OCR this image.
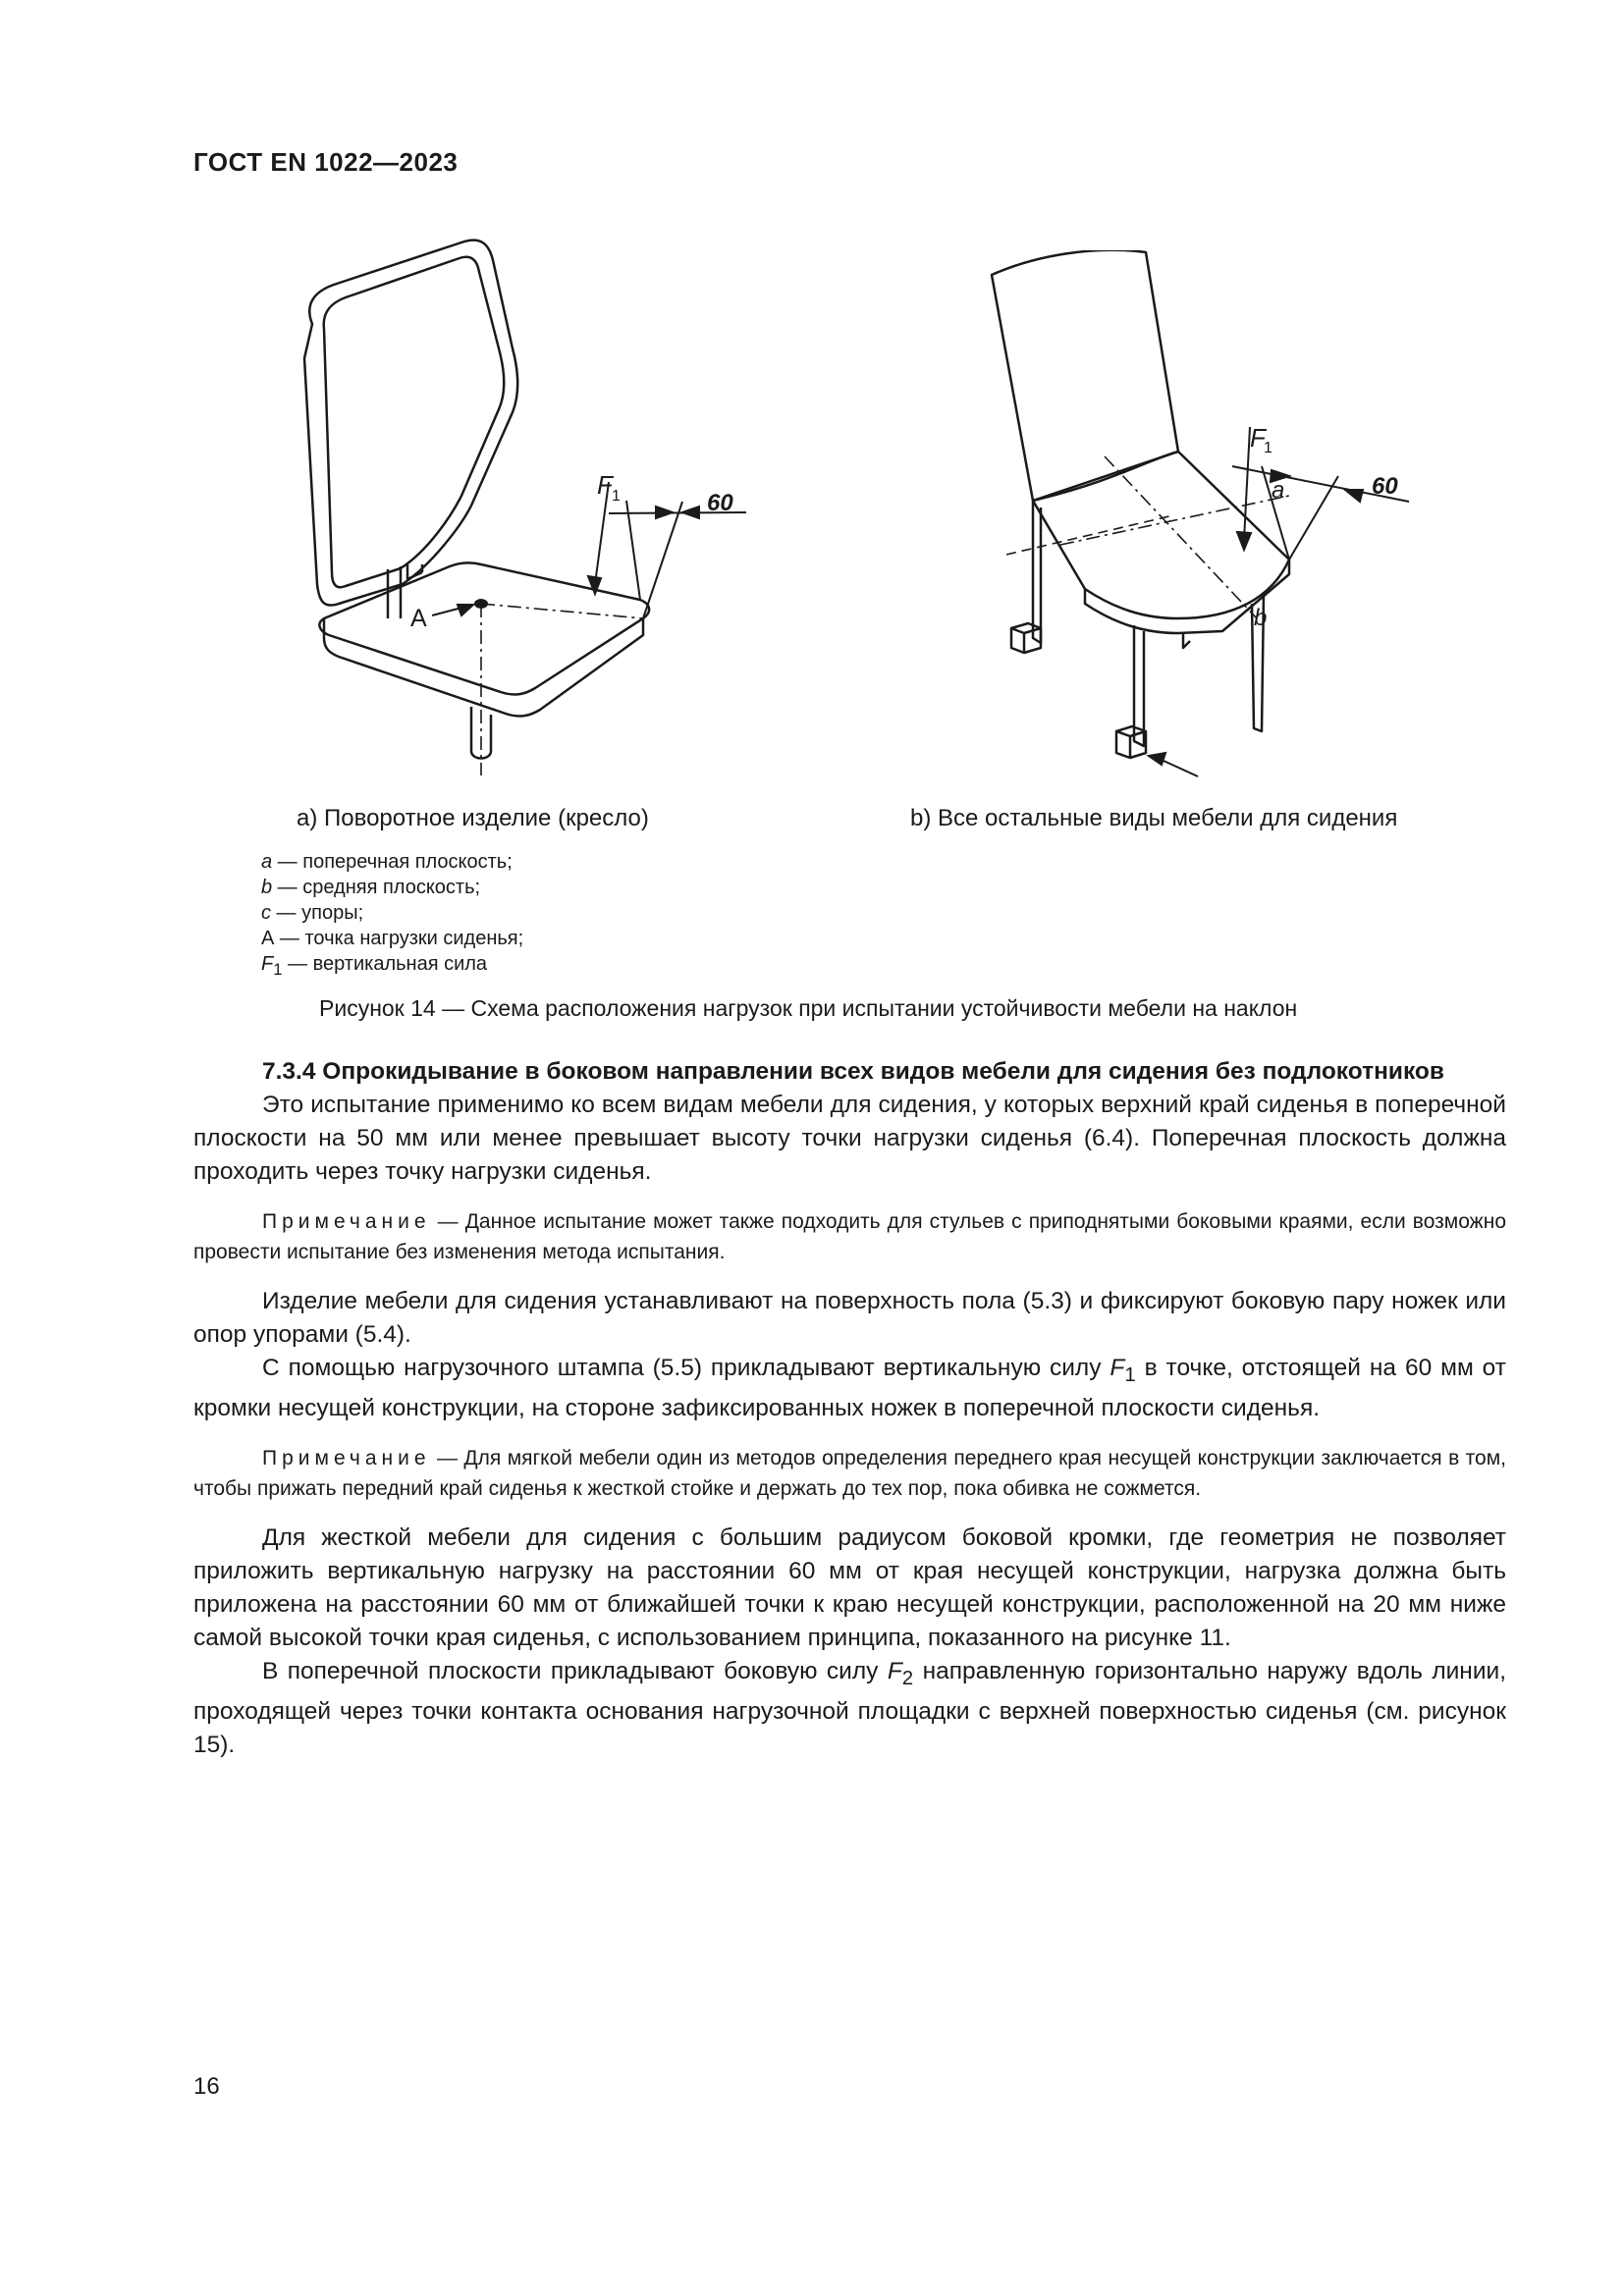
ГОСТ EN 1022—2023
F 1	60
A
F
1
60
a
b
а) Поворотное изделие (кресло)	b) Все остальные виды мебели для сидения
a — поперечная плоскость;
b — средняя плоскость;
c — упоры;
А — точка нагрузки сиденья;
$F_1$ — вертикальная сила
Рисунок 14 — Схема расположения нагрузок при испытании устойчивости мебели на наклон
7.3.4 Опрокидывание в боковом направлении всех видов мебели для сидения без подлокотников

Это испытание применимо ко всем видам мебели для сидения, у которых верхний край сиденья в поперечной плоскости на 50 мм или менее превышает высоту точки нагрузки сиденья (6.4). Поперечная плоскость должна проходить через точку нагрузки сиденья.

Примечание — Данное испытание может также подходить для стульев с приподнятыми боковыми краями, если возможно провести испытание без изменения метода испытания.

Изделие мебели для сидения устанавливают на поверхность пола (5.3) и фиксируют боковую пару ножек или опор упорами (5.4).

С помощью нагрузочного штампа (5.5) прикладывают вертикальную силу $F_1$ в точке, отстоящей на 60 мм от кромки несущей конструкции, на стороне зафиксированных ножек в поперечной плоскости сиденья.

Примечание — Для мягкой мебели один из методов определения переднего края несущей конструкции заключается в том, чтобы прижать передний край сиденья к жесткой стойке и держать до тех пор, пока обивка не сожмется.

Для жесткой мебели для сидения с большим радиусом боковой кромки, где геометрия не позволяет приложить вертикальную нагрузку на расстоянии 60 мм от края несущей конструкции, нагрузка должна быть приложена на расстоянии 60 мм от ближайшей точки к краю несущей конструкции, расположенной на 20 мм ниже самой высокой точки края сиденья, с использованием принципа, показанного на рисунке 11.

В поперечной плоскости прикладывают боковую силу $F_2$ направленную горизонтально наружу вдоль линии, проходящей через точки контакта основания нагрузочной площадки с верхней поверхностью сиденья (см. рисунок 15).

16
